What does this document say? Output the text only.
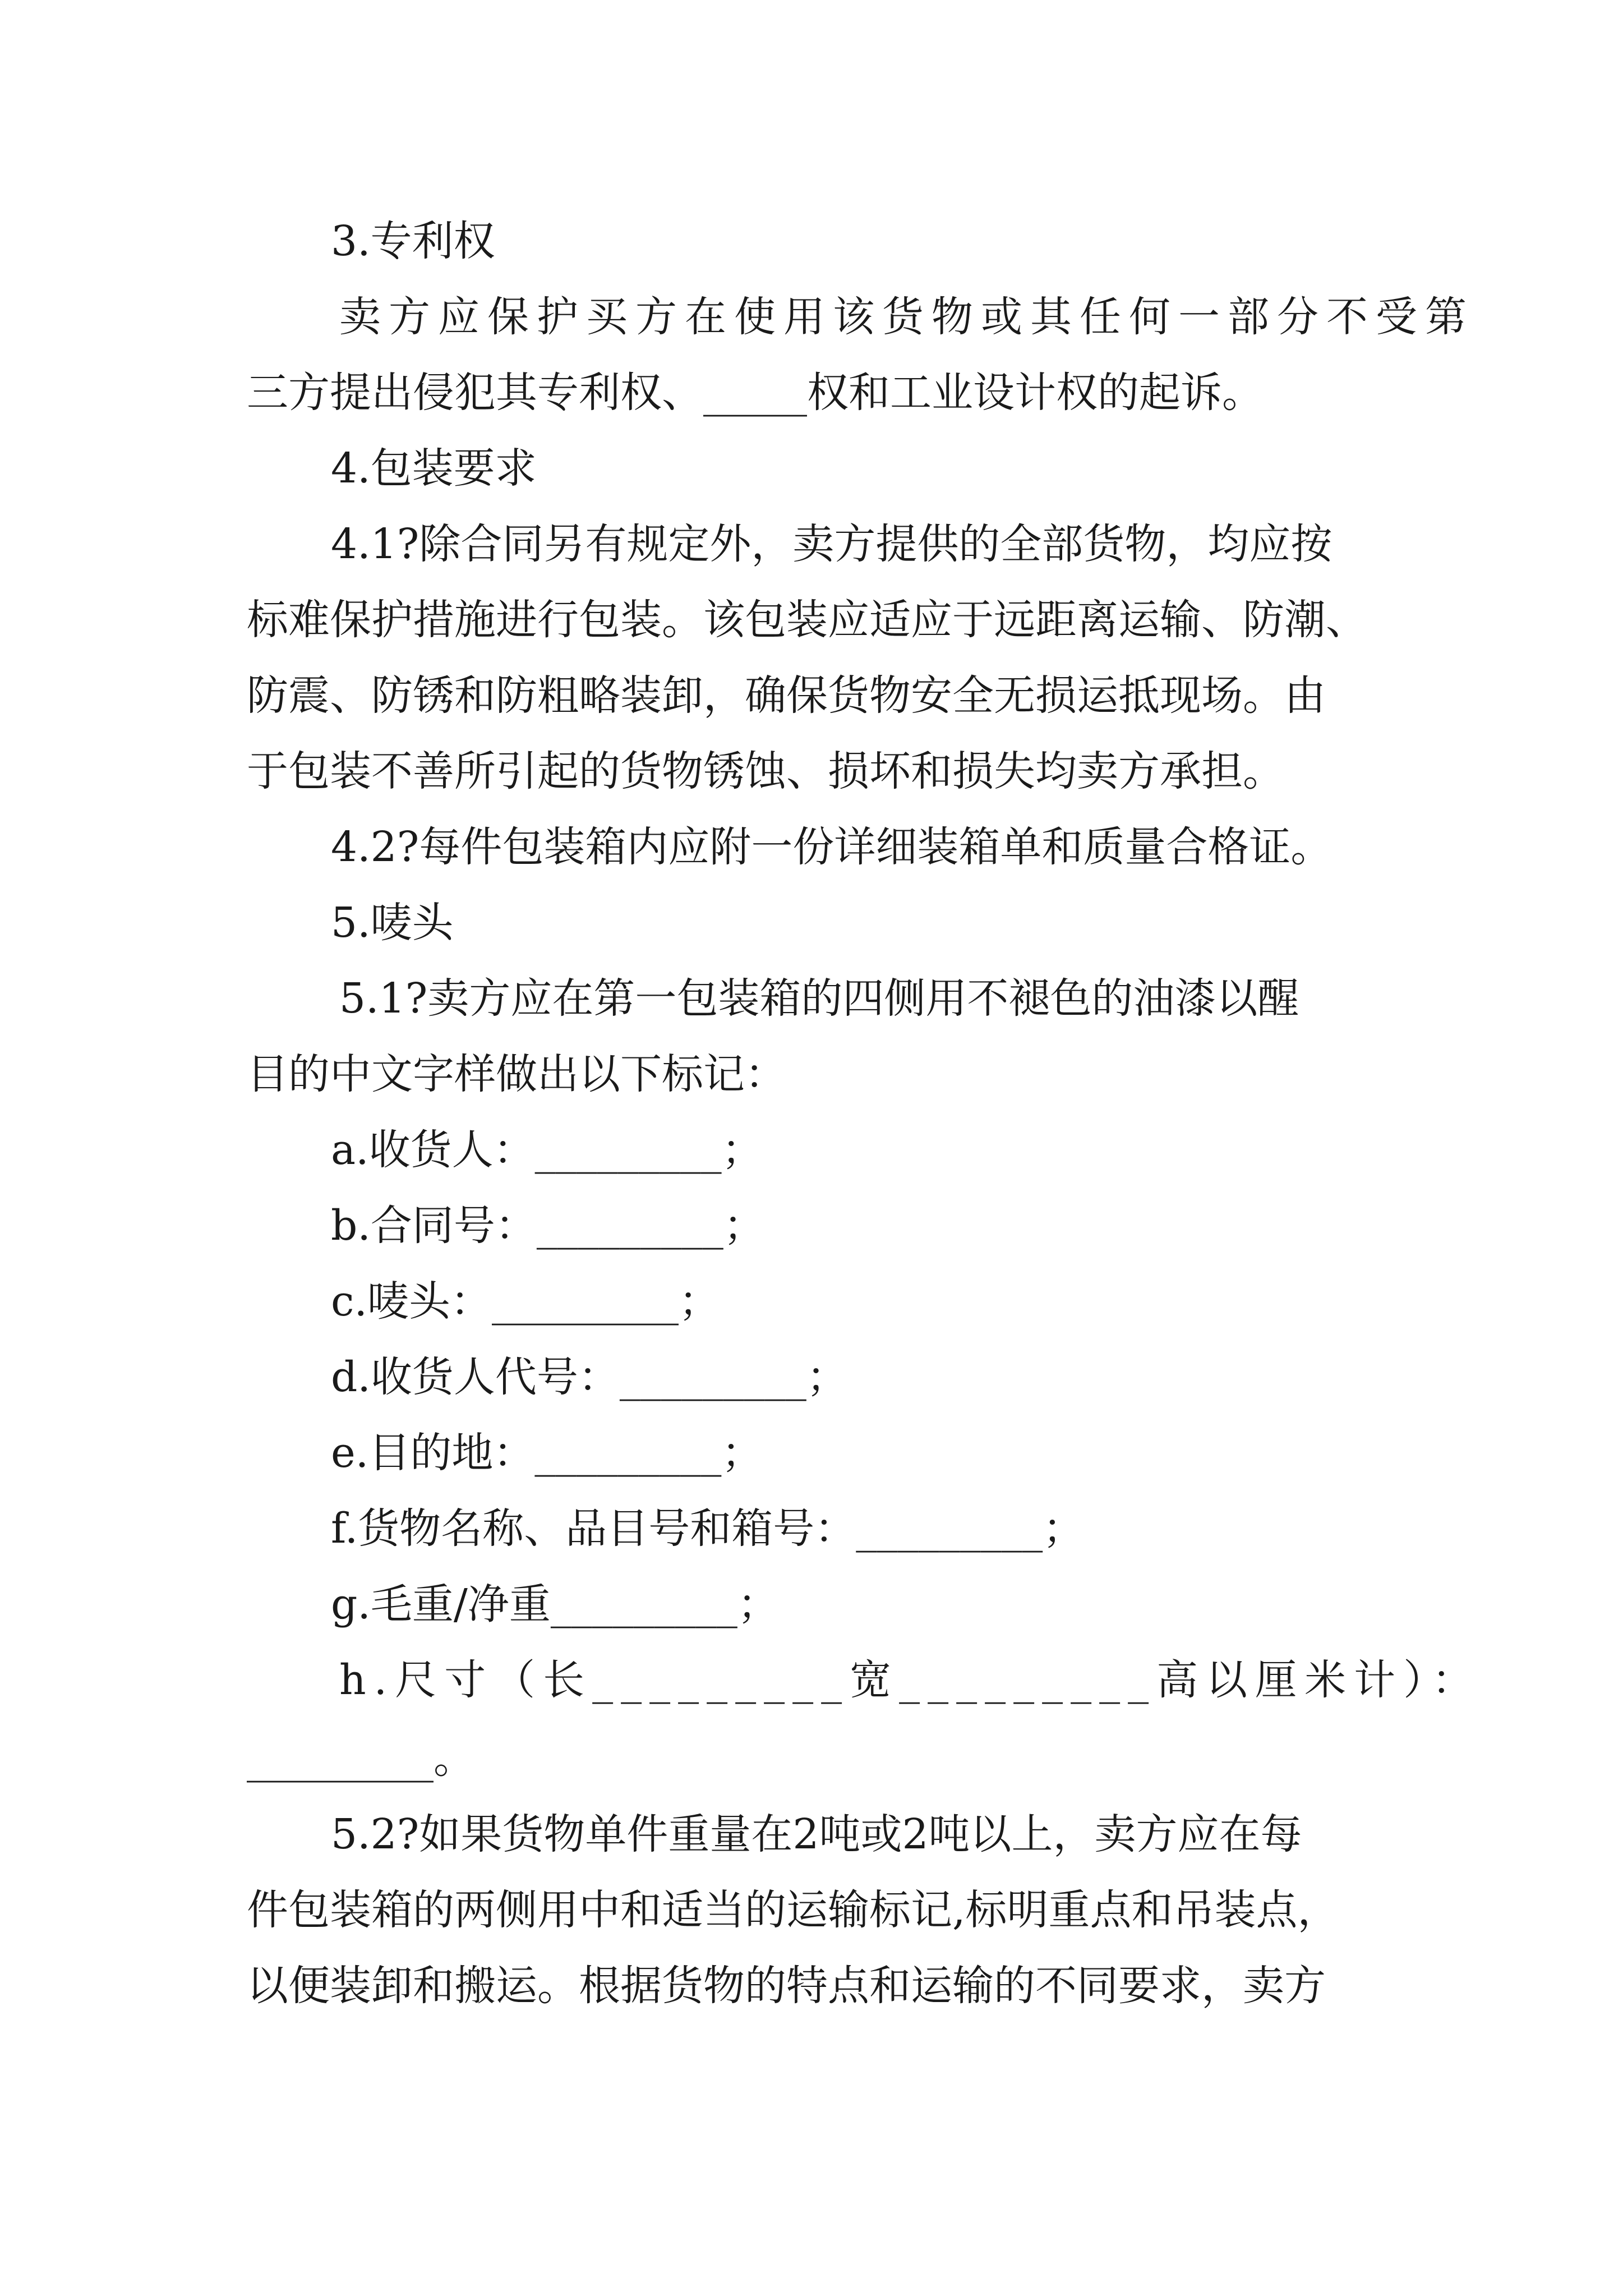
3.专利权
卖方应保护买方在使用该货物或其任何一部分不受第
三方提出侵犯其专利权、_____权和工业设计权的起诉。
4.包装要求
4.1?除合同另有规定外，卖方提供的全部货物，均应按
标难保护措施进行包装。该包装应适应于远距离运输、防潮、
防震、防锈和防粗略装卸，确保货物安全无损运抵现场。由
于包装不善所引起的货物锈蚀、损坏和损失均卖方承担。
4.2?每件包装箱内应附一份详细装箱单和质量合格证。
5.唛头
5.1?卖方应在第一包装箱的四侧用不褪色的油漆以醒
目的中文字样做出以下标记：
a.收货人：_________；
b.合同号：_________；
c.唛头：_________；
d.收货人代号：_________；
e.目的地：_________；
f.货物名称、品目号和箱号：_________；
g.毛重/净重_________；
h.尺寸（长_________宽_________高以厘米计）：
_________。
5.2?如果货物单件重量在2吨或2吨以上，卖方应在每
件包装箱的两侧用中和适当的运输标记,标明重点和吊装点，
以便装卸和搬运。根据货物的特点和运输的不同要求，卖方
